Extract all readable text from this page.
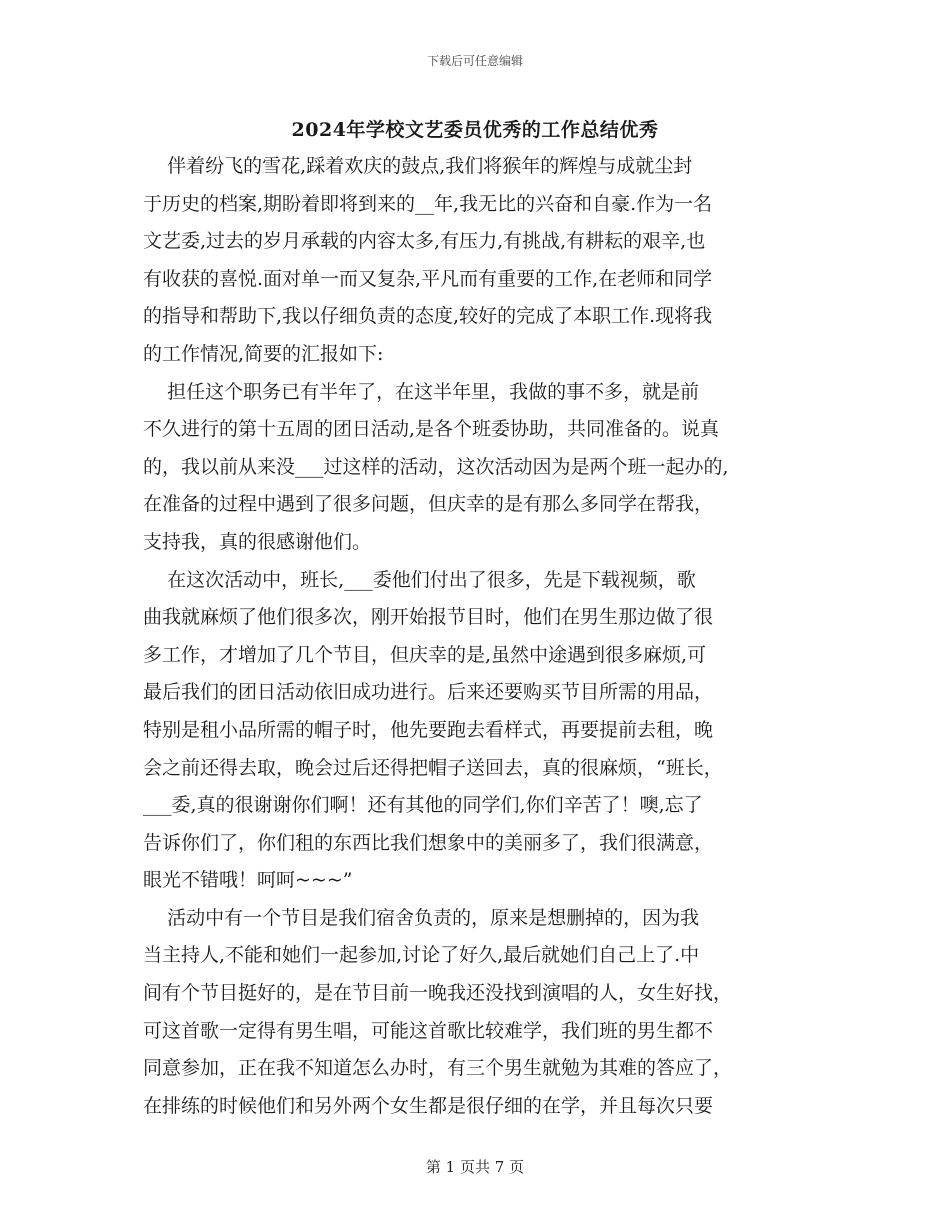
下载后可任意编辑
2024年学校文艺委员优秀的工作总结优秀
伴着纷飞的雪花,踩着欢庆的鼓点,我们将猴年的辉煌与成就尘封
于历史的档案,期盼着即将到来的__年,我无比的兴奋和自豪.作为一名
文艺委,过去的岁月承载的内容太多,有压力,有挑战,有耕耘的艰辛,也
有收获的喜悦.面对单一而又复杂,平凡而有重要的工作,在老师和同学
的指导和帮助下,我以仔细负责的态度,较好的完成了本职工作.现将我
的工作情况,简要的汇报如下:
担任这个职务已有半年了，在这半年里，我做的事不多，就是前
不久进行的第十五周的团日活动,是各个班委协助，共同准备的。说真
的，我以前从来没___过这样的活动，这次活动因为是两个班一起办的,
在准备的过程中遇到了很多问题，但庆幸的是有那么多同学在帮我，
支持我，真的很感谢他们。
在这次活动中，班长,___委他们付出了很多，先是下载视频，歌
曲我就麻烦了他们很多次，刚开始报节目时，他们在男生那边做了很
多工作，才增加了几个节目，但庆幸的是,虽然中途遇到很多麻烦,可
最后我们的团日活动依旧成功进行。后来还要购买节目所需的用品，
特别是租小品所需的帽子时，他先要跑去看样式，再要提前去租，晚
会之前还得去取，晚会过后还得把帽子送回去，真的很麻烦，“班长，
___委,真的很谢谢你们啊！还有其他的同学们,你们辛苦了！噢,忘了
告诉你们了，你们租的东西比我们想象中的美丽多了，我们很满意，
眼光不错哦！呵呵~~~”
活动中有一个节目是我们宿舍负责的，原来是想删掉的，因为我
当主持人,不能和她们一起参加,讨论了好久,最后就她们自己上了.中
间有个节目挺好的，是在节目前一晚我还没找到演唱的人，女生好找，
可这首歌一定得有男生唱，可能这首歌比较难学，我们班的男生都不
同意参加，正在我不知道怎么办时，有三个男生就勉为其难的答应了，
在排练的时候他们和另外两个女生都是很仔细的在学，并且每次只要
第 1 页共 7 页
